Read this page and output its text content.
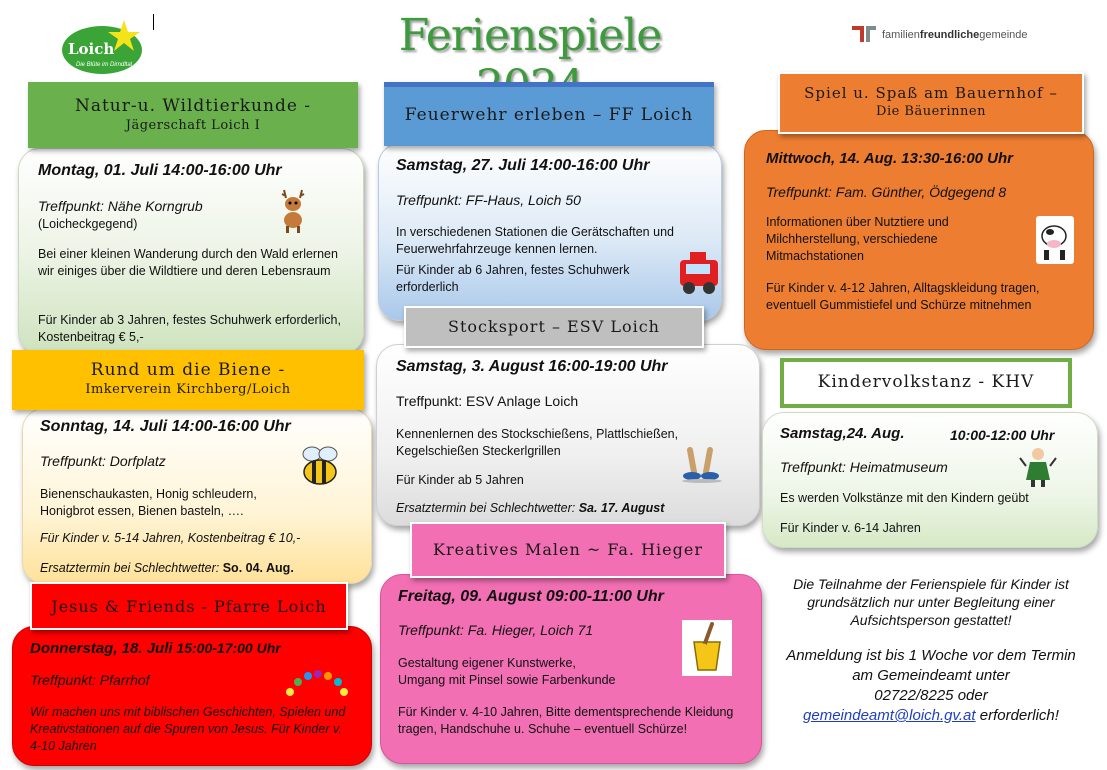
Loich
Die Blüte im Dirndltal
Ferienspiele	familienfreundlichegemeinde
Natur-u. Wildtierkunde -
Jägerschaft Loich I
Montag, 01. Juli 14:00-16:00 Uhr
Treffpunkt: Nähe Korngrub
(Loicheckgegend)
Bei einer kleinen Wanderung durch den Wald erlernen wir einiges über die Wildtiere und deren Lebensraum
Für Kinder ab 3 Jahren, festes Schuhwerk erforderlich, Kostenbeitrag € 5,-
Feuerwehr erleben – FF Loich
Samstag, 27. Juli 14:00-16:00 Uhr
Treffpunkt: FF-Haus, Loich 50
In verschiedenen Stationen die Gerätschaften und Feuerwehrfahrzeuge kennen lernen.
Für Kinder ab 6 Jahren, festes Schuhwerk erforderlich
Spiel u. Spaß am Bauernhof –
Die Bäuerinnen
Mittwoch, 14. Aug. 13:30-16:00 Uhr
Treffpunkt: Fam. Günther, Ödgegend 8
Informationen über Nutztiere und Milchherstellung, verschiedene Mitmachstationen
Für Kinder v. 4-12 Jahren, Alltagskleidung tragen, eventuell Gummistiefel und Schürze mitnehmen
Rund um die Biene -
Imkerverein Kirchberg/Loich
Sonntag, 14. Juli 14:00-16:00 Uhr
Treffpunkt: Dorfplatz
Bienenschaukasten, Honig schleudern, Honigbrot essen, Bienen basteln, ….
Für Kinder v. 5-14 Jahren, Kostenbeitrag € 10,-
Ersatztermin bei Schlechtwetter: So. 04. Aug.
Stocksport – ESV Loich
Samstag, 3. August 16:00-19:00 Uhr
Treffpunkt: ESV Anlage Loich
Kennenlernen des Stockschießens, Plattlschießen, Kegelschießen Steckerlgrillen
Für Kinder ab 5 Jahren
Ersatztermin bei Schlechtwetter: Sa. 17. August
Kindervolkstanz - KHV
Samstag,24. Aug.	10:00-12:00 Uhr
Treffpunkt: Heimatmuseum
Es werden Volkstänze mit den Kindern geübt
Für Kinder v. 6-14 Jahren
Jesus & Friends - Pfarre Loich
Donnerstag, 18. Juli 15:00-17:00 Uhr
Treffpunkt: Pfarrhof
Wir machen uns mit biblischen Geschichten, Spielen und Kreativstationen auf die Spuren von Jesus. Für Kinder v. 4-10 Jahren
Kreatives Malen ~ Fa. Hieger
Freitag, 09. August 09:00-11:00 Uhr
Treffpunkt: Fa. Hieger, Loich 71
Gestaltung eigener Kunstwerke,
Umgang mit Pinsel sowie Farbenkunde
Für Kinder v. 4-10 Jahren, Bitte dementsprechende Kleidung tragen, Handschuhe u. Schuhe – eventuell Schürze!
Die Teilnahme der Ferienspiele für Kinder ist grundsätzlich nur unter Begleitung einer Aufsichtsperson gestattet!
Anmeldung ist bis 1 Woche vor dem Termin am Gemeindeamt unter
02722/8225 oder
gemeindeamt@loich.gv.at erforderlich!
